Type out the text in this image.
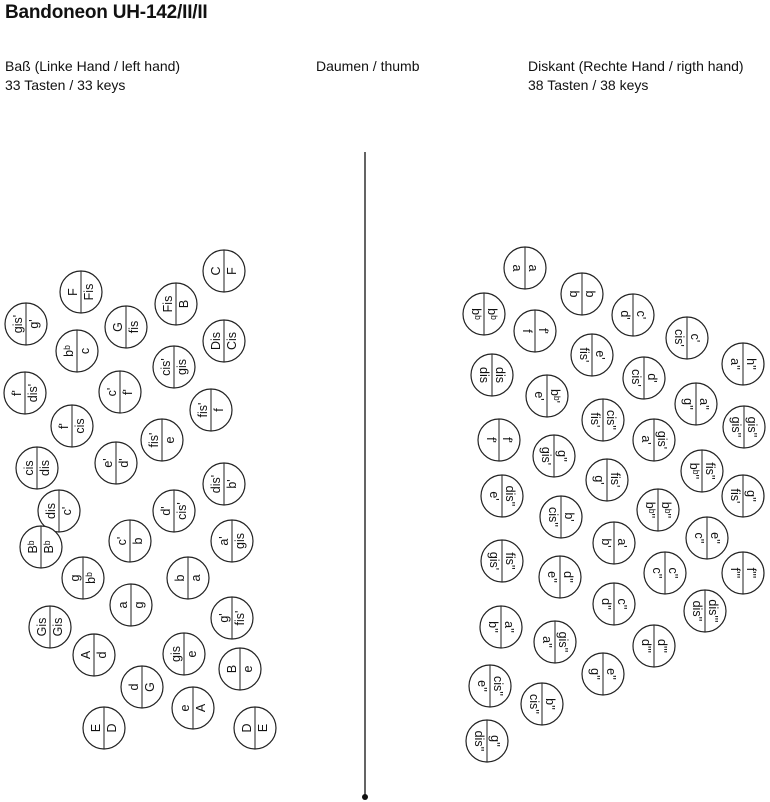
Bandoneon UH-142/II/II
Baß (Linke Hand / left hand)
33 Tasten / 33 keys
Daumen / thumb	Diskant (Rechte Hand / rigth hand)
38 Tasten / 38 keys
C F
F Fis
Fis B
gis' g'	G fis
Dis Cis
bᵇ c
cis' gis
f' dis'	c' f'
fis' f
f' cis
fis' e
cis dis	e' d'
dis' b'
dis c'	d' cis'
Bᵇ Bᵇ	c' b	a' gis
g bᵇ	b a
Gis Gis
a g
g' fis'
A d	gis e
B e
d G
e A
E D	D E
a a
bᵇ bᵇ
b b
f f'
d' c'
cis' c'
dis dis
fis' e'
a'' h''
e' bᵇ'
cis' d'
g'' a''
fis' cis''	gis'' gis''
f' f'
gis' g''
a' gis'
bᵇ'' fis''
g' fis'
e' dis''	fis' g''
bᵇ'' bᵇ''
cis'' b'
c'' e''
b' a'
gis' fis''
e'' d''	c'' c''	f''' f'''
d'' c''	dis'' dis'''
b'' a''
a'' gis''	d''' d'''
g'' e''
e'' cis''
cis'' b''
dis'' g''
